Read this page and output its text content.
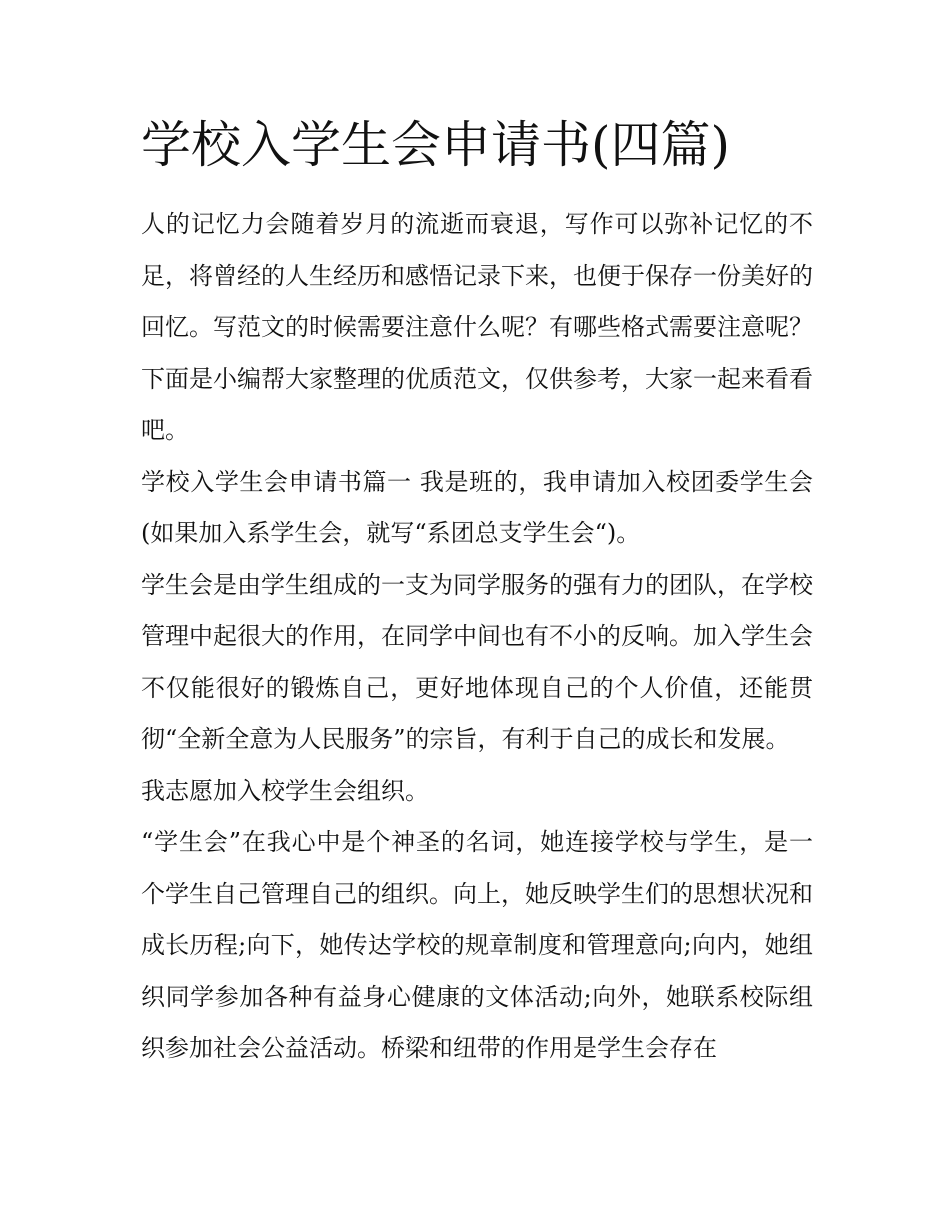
学校入学生会申请书(四篇)

人的记忆力会随着岁月的流逝而衰退，写作可以弥补记忆的不足，将曾经的人生经历和感悟记录下来，也便于保存一份美好的回忆。写范文的时候需要注意什么呢？有哪些格式需要注意呢？下面是小编帮大家整理的优质范文，仅供参考，大家一起来看看吧。

学校入学生会申请书篇一 我是班的，我申请加入校团委学生会(如果加入系学生会，就写“系团总支学生会“)。

学生会是由学生组成的一支为同学服务的强有力的团队，在学校管理中起很大的作用，在同学中间也有不小的反响。加入学生会不仅能很好的锻炼自己，更好地体现自己的个人价值，还能贯彻“全新全意为人民服务”的宗旨，有利于自己的成长和发展。

我志愿加入校学生会组织。

“学生会”在我心中是个神圣的名词，她连接学校与学生，是一个学生自己管理自己的组织。向上，她反映学生们的思想状况和成长历程;向下，她传达学校的规章制度和管理意向;向内，她组织同学参加各种有益身心健康的文体活动;向外，她联系校际组织参加社会公益活动。桥梁和纽带的作用是学生会存在
